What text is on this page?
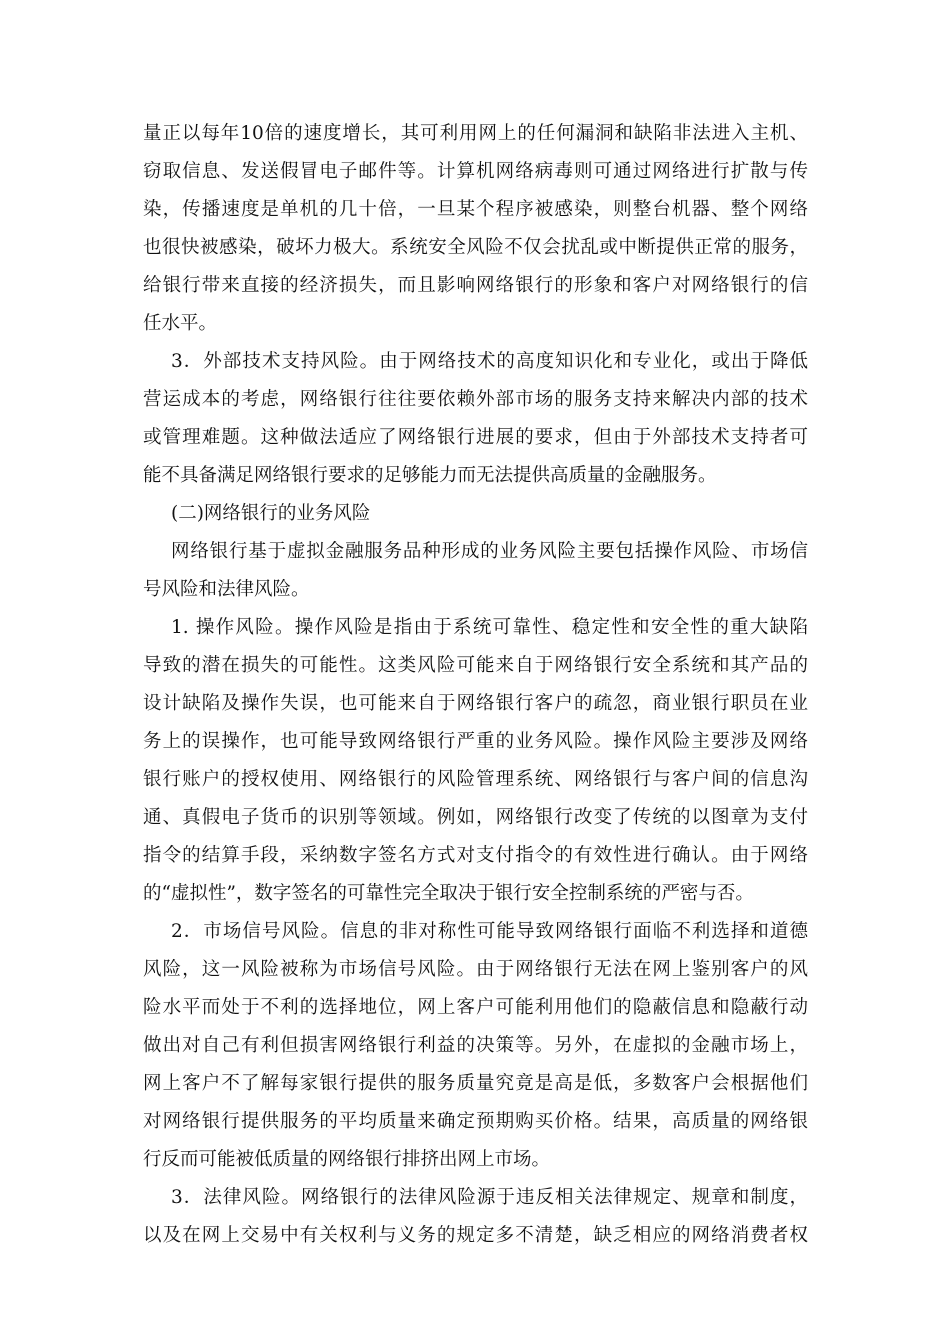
量正以每年10倍的速度增长，其可利用网上的任何漏洞和缺陷非法进入主机、
窃取信息、发送假冒电子邮件等。计算机网络病毒则可通过网络进行扩散与传
染，传播速度是单机的几十倍，一旦某个程序被感染，则整台机器、整个网络
也很快被感染，破坏力极大。系统安全风险不仅会扰乱或中断提供正常的服务，
给银行带来直接的经济损失，而且影响网络银行的形象和客户对网络银行的信
任水平。
3．外部技术支持风险。由于网络技术的高度知识化和专业化，或出于降低
营运成本的考虑，网络银行往往要依赖外部市场的服务支持来解决内部的技术
或管理难题。这种做法适应了网络银行进展的要求，但由于外部技术支持者可
能不具备满足网络银行要求的足够能力而无法提供高质量的金融服务。
(二)网络银行的业务风险
网络银行基于虚拟金融服务品种形成的业务风险主要包括操作风险、市场信
号风险和法律风险。
1. 操作风险。操作风险是指由于系统可靠性、稳定性和安全性的重大缺陷
导致的潜在损失的可能性。这类风险可能来自于网络银行安全系统和其产品的
设计缺陷及操作失误，也可能来自于网络银行客户的疏忽，商业银行职员在业
务上的误操作，也可能导致网络银行严重的业务风险。操作风险主要涉及网络
银行账户的授权使用、网络银行的风险管理系统、网络银行与客户间的信息沟
通、真假电子货币的识别等领域。例如，网络银行改变了传统的以图章为支付
指令的结算手段，采纳数字签名方式对支付指令的有效性进行确认。由于网络
的“虚拟性”，数字签名的可靠性完全取决于银行安全控制系统的严密与否。
2．市场信号风险。信息的非对称性可能导致网络银行面临不利选择和道德
风险，这一风险被称为市场信号风险。由于网络银行无法在网上鉴别客户的风
险水平而处于不利的选择地位，网上客户可能利用他们的隐蔽信息和隐蔽行动
做出对自己有利但损害网络银行利益的决策等。另外，在虚拟的金融市场上，
网上客户不了解每家银行提供的服务质量究竟是高是低，多数客户会根据他们
对网络银行提供服务的平均质量来确定预期购买价格。结果，高质量的网络银
行反而可能被低质量的网络银行排挤出网上市场。
3．法律风险。网络银行的法律风险源于违反相关法律规定、规章和制度，
以及在网上交易中有关权利与义务的规定多不清楚，缺乏相应的网络消费者权
